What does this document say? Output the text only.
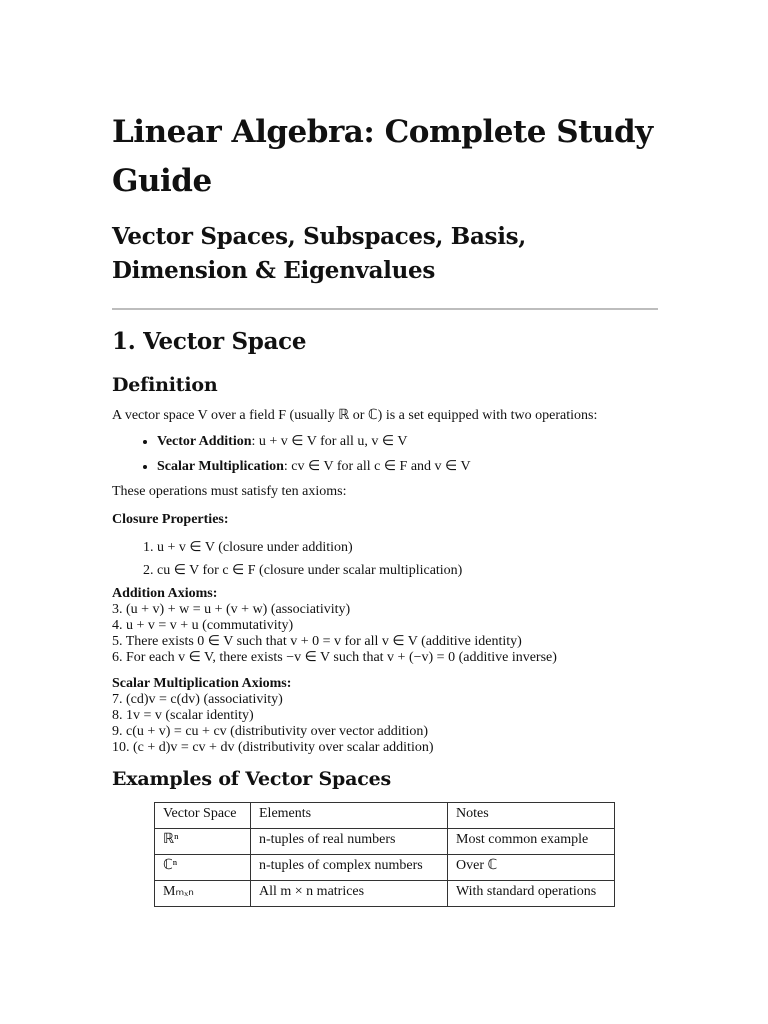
Linear Algebra: Complete Study Guide
Vector Spaces, Subspaces, Basis, Dimension & Eigenvalues
1. Vector Space
Definition

A vector space V over a field F (usually ℝ or ℂ) is a set equipped with two operations:

• Vector Addition: u + v ∈ V for all u, v ∈ V
• Scalar Multiplication: cv ∈ V for all c ∈ F and v ∈ V

These operations must satisfy ten axioms:

Closure Properties:

1. u + v ∈ V (closure under addition)
2. cu ∈ V for c ∈ F (closure under scalar multiplication)

Addition Axioms:

3. (u + v) + w = u + (v + w) (associativity)

4. u + v = v + u (commutativity)

5. There exists 0 ∈ V such that v + 0 = v for all v ∈ V (additive identity)

6. For each v ∈ V, there exists −v ∈ V such that v + (−v) = 0 (additive inverse)

Scalar Multiplication Axioms:

7. (cd)v = c(dv) (associativity)

8. 1v = v (scalar identity)

9. c(u + v) = cu + cv (distributivity over vector addition)

10. (c + d)v = cv + dv (distributivity over scalar addition)

Examples of Vector Spaces
Vector Space	Elements	Notes
ℝⁿ	n-tuples of real numbers	Most common example
ℂⁿ	n-tuples of complex numbers	Over ℂ
Mₘₓₙ	All m × n matrices	With standard operations
